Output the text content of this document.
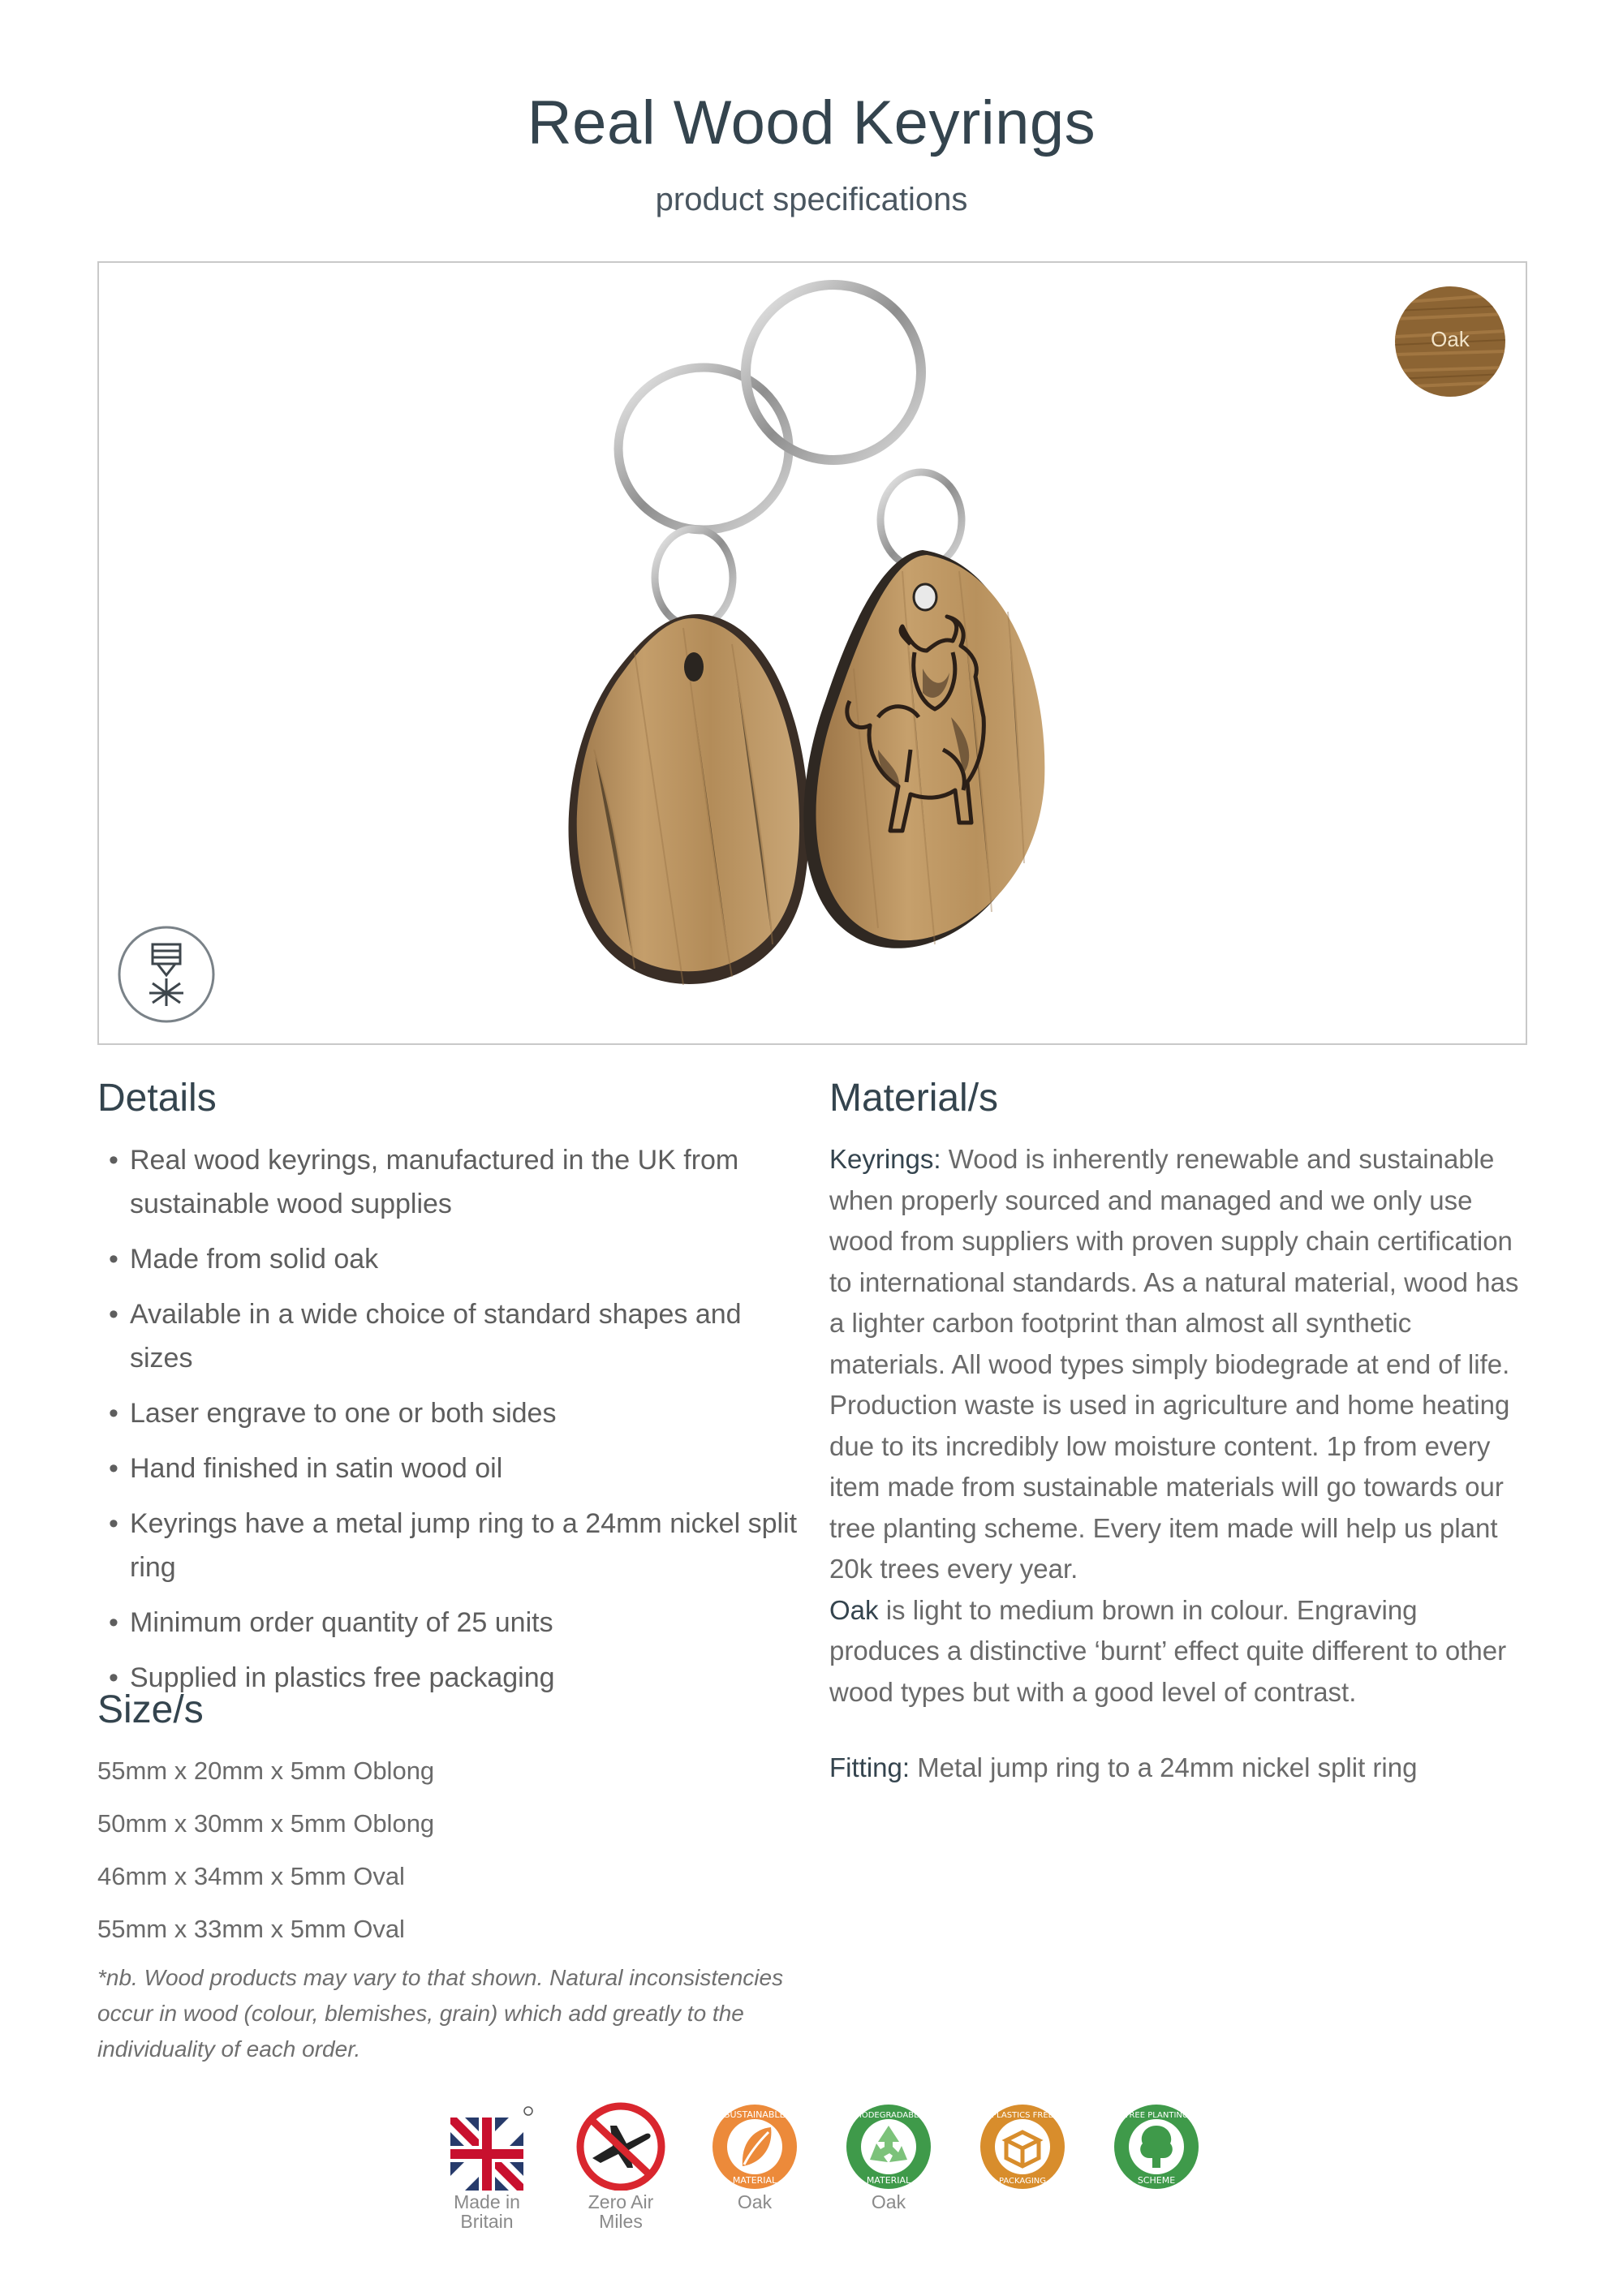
Real Wood Keyrings
product specifications
Oak
Details
• Real wood keyrings, manufactured in the UK from sustainable wood supplies
• Made from solid oak
• Available in a wide choice of standard shapes and sizes
• Laser engrave to one or both sides
• Hand finished in satin wood oil
• Keyrings have a metal jump ring to a 24mm nickel split ring
• Minimum order quantity of 25 units
• Supplied in plastics free packaging
Size/s
55mm x 20mm x 5mm Oblong
50mm x 30mm x 5mm Oblong
46mm x 34mm x 5mm Oval
55mm x 33mm x 5mm Oval
*nb. Wood products may vary to that shown. Natural inconsistencies occur in wood (colour, blemishes, grain) which add greatly to the individuality of each order.
Material/s

Keyrings: Wood is inherently renewable and sustainable when properly sourced and managed and we only use wood from suppliers with proven supply chain certification to international standards. As a natural material, wood has a lighter carbon footprint than almost all synthetic materials. All wood types simply biodegrade at end of life. Production waste is used in agriculture and home heating due to its incredibly low moisture content. 1p from every item made from sustainable materials will go towards our tree planting scheme. Every item made will help us plant 20k trees every year.

Oak is light to medium brown in colour. Engraving produces a distinctive ‘burnt’ effect quite different to other wood types but with a good level of contrast.

Fitting: Metal jump ring to a 24mm nickel split ring
Made in
Britain
Zero Air
Miles
SUSTAINABLE
MATERIAL
Oak
BIODEGRADABLE
MATERIAL
Oak
PLASTICS FREE
PACKAGING
TREE PLANTING
SCHEME
